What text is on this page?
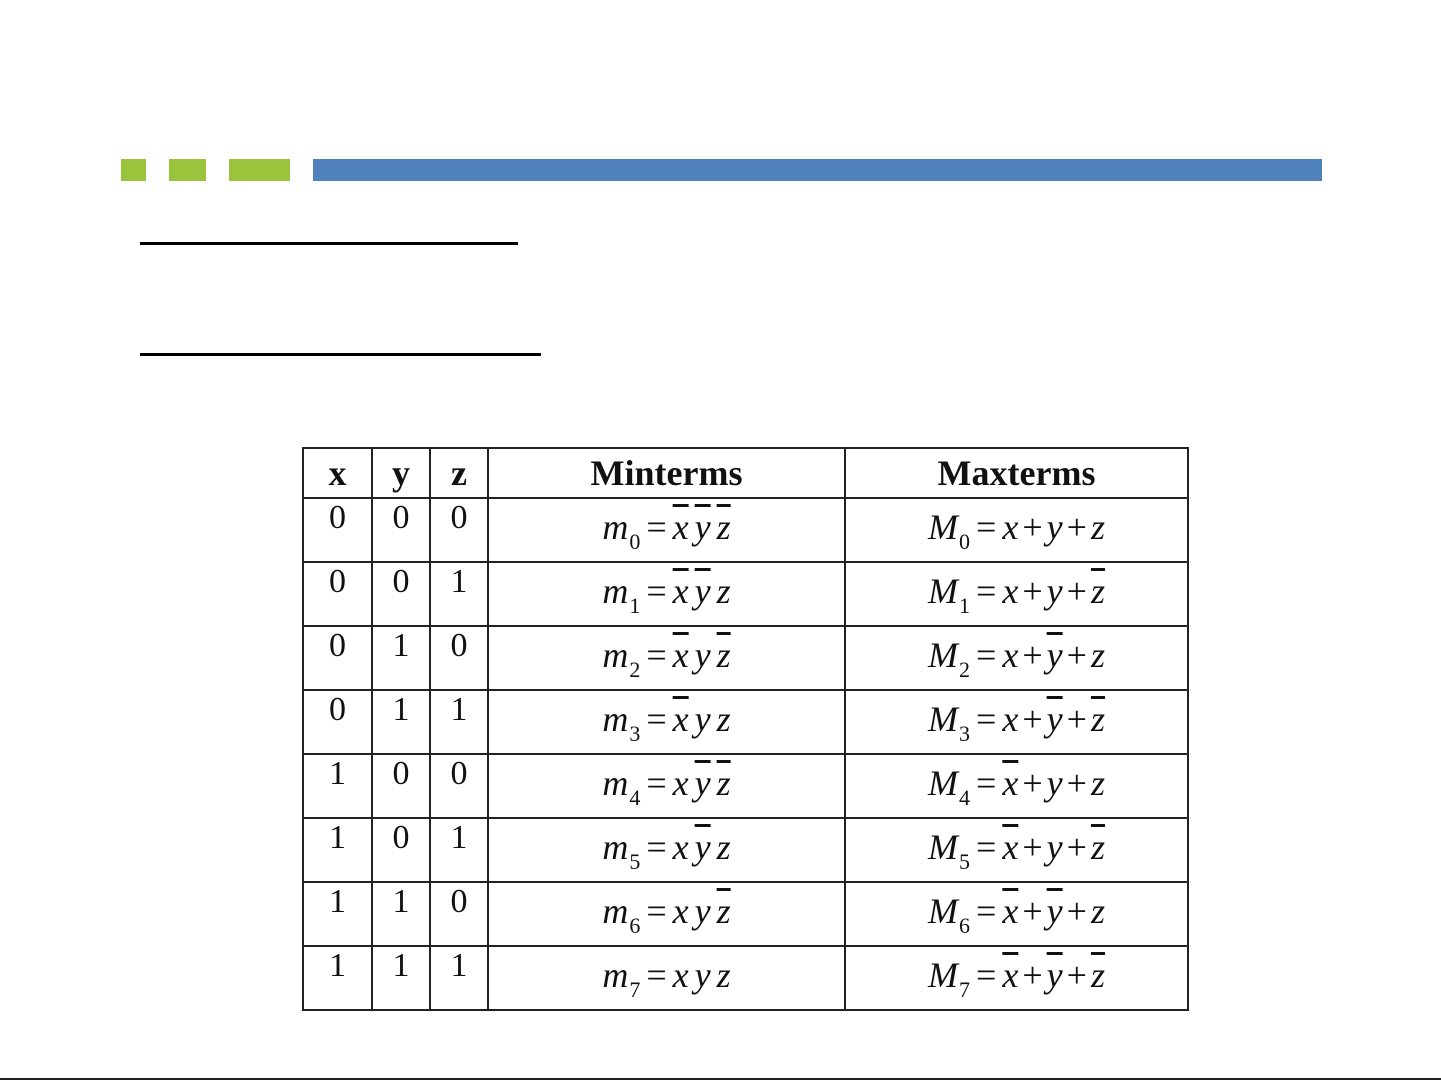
x	y	z	Minterms	Maxterms
0	0	0	$m_0 = \overline{x}$ $\overline{y}$ $\overline{z}$	$M_0 = x + y + z$
0	0	1	$m_1 = \overline{x}$ $\overline{y}$ z	$M_1 = x + y + \overline{z}$
0	1	0	$m_2 = \overline{x}$ y $\overline{z}$	$M_2 = x + \overline{y} + z$
0	1	1	$m_3 = \overline{x}$ y z	$M_3 = x + \overline{y} + \overline{z}$
1	0	0	$m_4 = x$ $\overline{y}$ $\overline{z}$	$M_4 = \overline{x} + y + z$
1	0	1	$m_5 = x$ $\overline{y}$ z	$M_5 = \overline{x} + y + \overline{z}$
1	1	0	$m_6 = x$ y $\overline{z}$	$M_6 = \overline{x} + \overline{y} + z$
1	1	1	$m_7 = x$ y z	$M_7 = \overline{x} + \overline{y} + \overline{z}$
